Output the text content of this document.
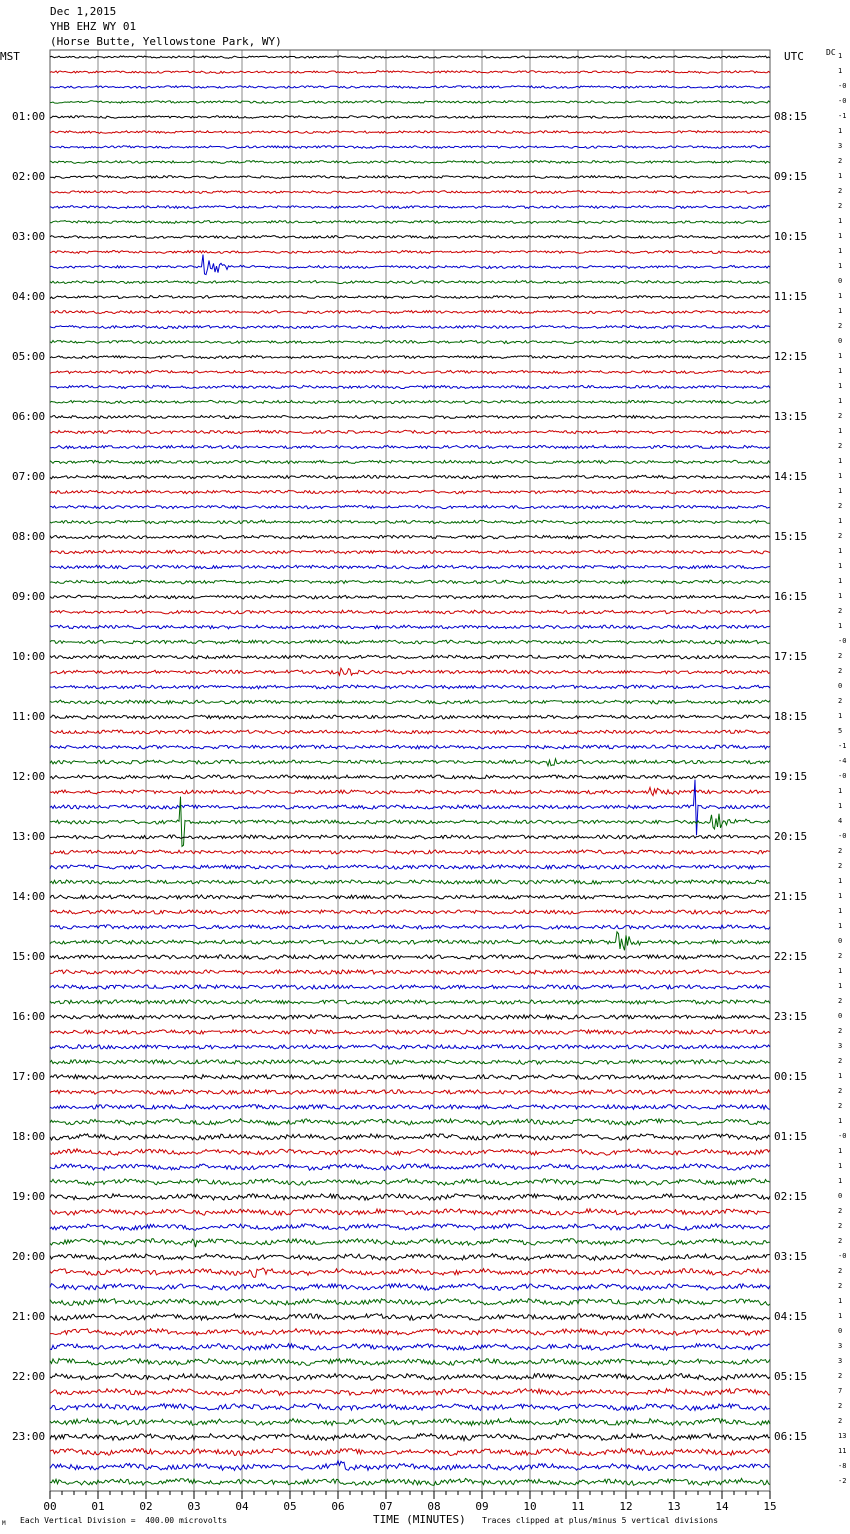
00	01	02	03	04	05	06	07	08	09	10	11	12	13	14	15
Dec 1,2015
YHB EHZ WY 01
(Horse Butte, Yellowstone Park, WY)
MST	UTC	DC
01:00
02:00
03:00
04:00
05:00
06:00
07:00
08:00
09:00
10:00
11:00
12:00
13:00
14:00
15:00
16:00
17:00
18:00
19:00
20:00
21:00
22:00
23:00
08:15
09:15
10:15
11:15
12:15
13:15
14:15
15:15
16:15
17:15
18:15
19:15
20:15
21:15
22:15
23:15
00:15
01:15
02:15
03:15
04:15
05:15
06:15
1
1
-0
-0
-1
1
3
2
1
2
2
1
1
1
1
0
1
1
2
0
1
1
1
1
2
1
2
1
1
1
2
1
2
1
1
1
1
2
1
-0
2
2
0
2
1
5
-1
-4
-0
1
1
4
-0
2
2
1
1
1
1
0
2
1
1
2
0
2
3
2
1
2
2
1
-0
1
1
1
0
2
2
2
-0
2
2
1
1
0
3
3
2
7
2
2
13
11
-8
-2
TIME (MINUTES)
Each Vertical Division =  400.00 microvolts	Traces clipped at plus/minus 5 vertical divisions
M
